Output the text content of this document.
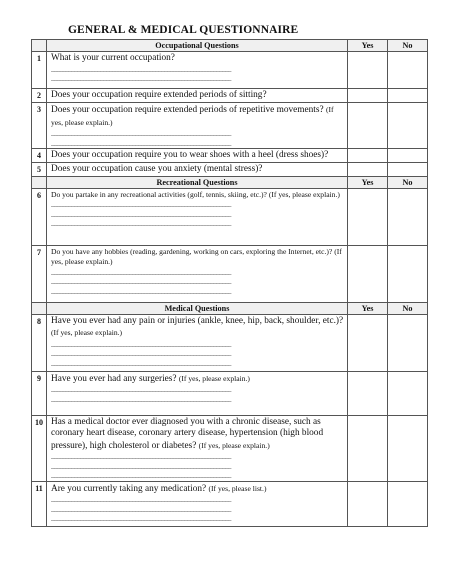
GENERAL & MEDICAL QUESTIONNAIRE
	Occupational Questions	Yes	No
1	What is your current occupation?
______________________________________________________________
______________________________________________________________		

2	Does your occupation require extended periods of sitting?		
3	Does your occupation require extended periods of repetitive movements? (If yes, please explain.)
______________________________________________________________
______________________________________________________________		

4	Does your occupation require you to wear shoes with a heel (dress shoes)?		
5	Does your occupation cause you anxiety (mental stress)?		
	Recreational Questions	Yes	No
6	Do you partake in any recreational activities (golf, tennis, skiing, etc.)? (If yes, please explain.)
______________________________________________________________
______________________________________________________________
______________________________________________________________		

7	Do you have any hobbies (reading, gardening, working on cars, exploring the Internet, etc.)? (If yes, please explain.)
______________________________________________________________
______________________________________________________________
______________________________________________________________		

	Medical Questions	Yes	No
8	Have you ever had any pain or injuries (ankle, knee, hip, back, shoulder, etc.)? (If yes, please explain.)
______________________________________________________________
______________________________________________________________
______________________________________________________________		

9	Have you ever had any surgeries? (If yes, please explain.)
______________________________________________________________
______________________________________________________________		

10	Has a medical doctor ever diagnosed you with a chronic disease, such as coronary heart disease, coronary artery disease, hypertension (high blood pressure), high cholesterol or diabetes? (If yes, please explain.)
______________________________________________________________
______________________________________________________________
______________________________________________________________		

11	Are you currently taking any medication? (If yes, please list.)
______________________________________________________________
______________________________________________________________
______________________________________________________________		
